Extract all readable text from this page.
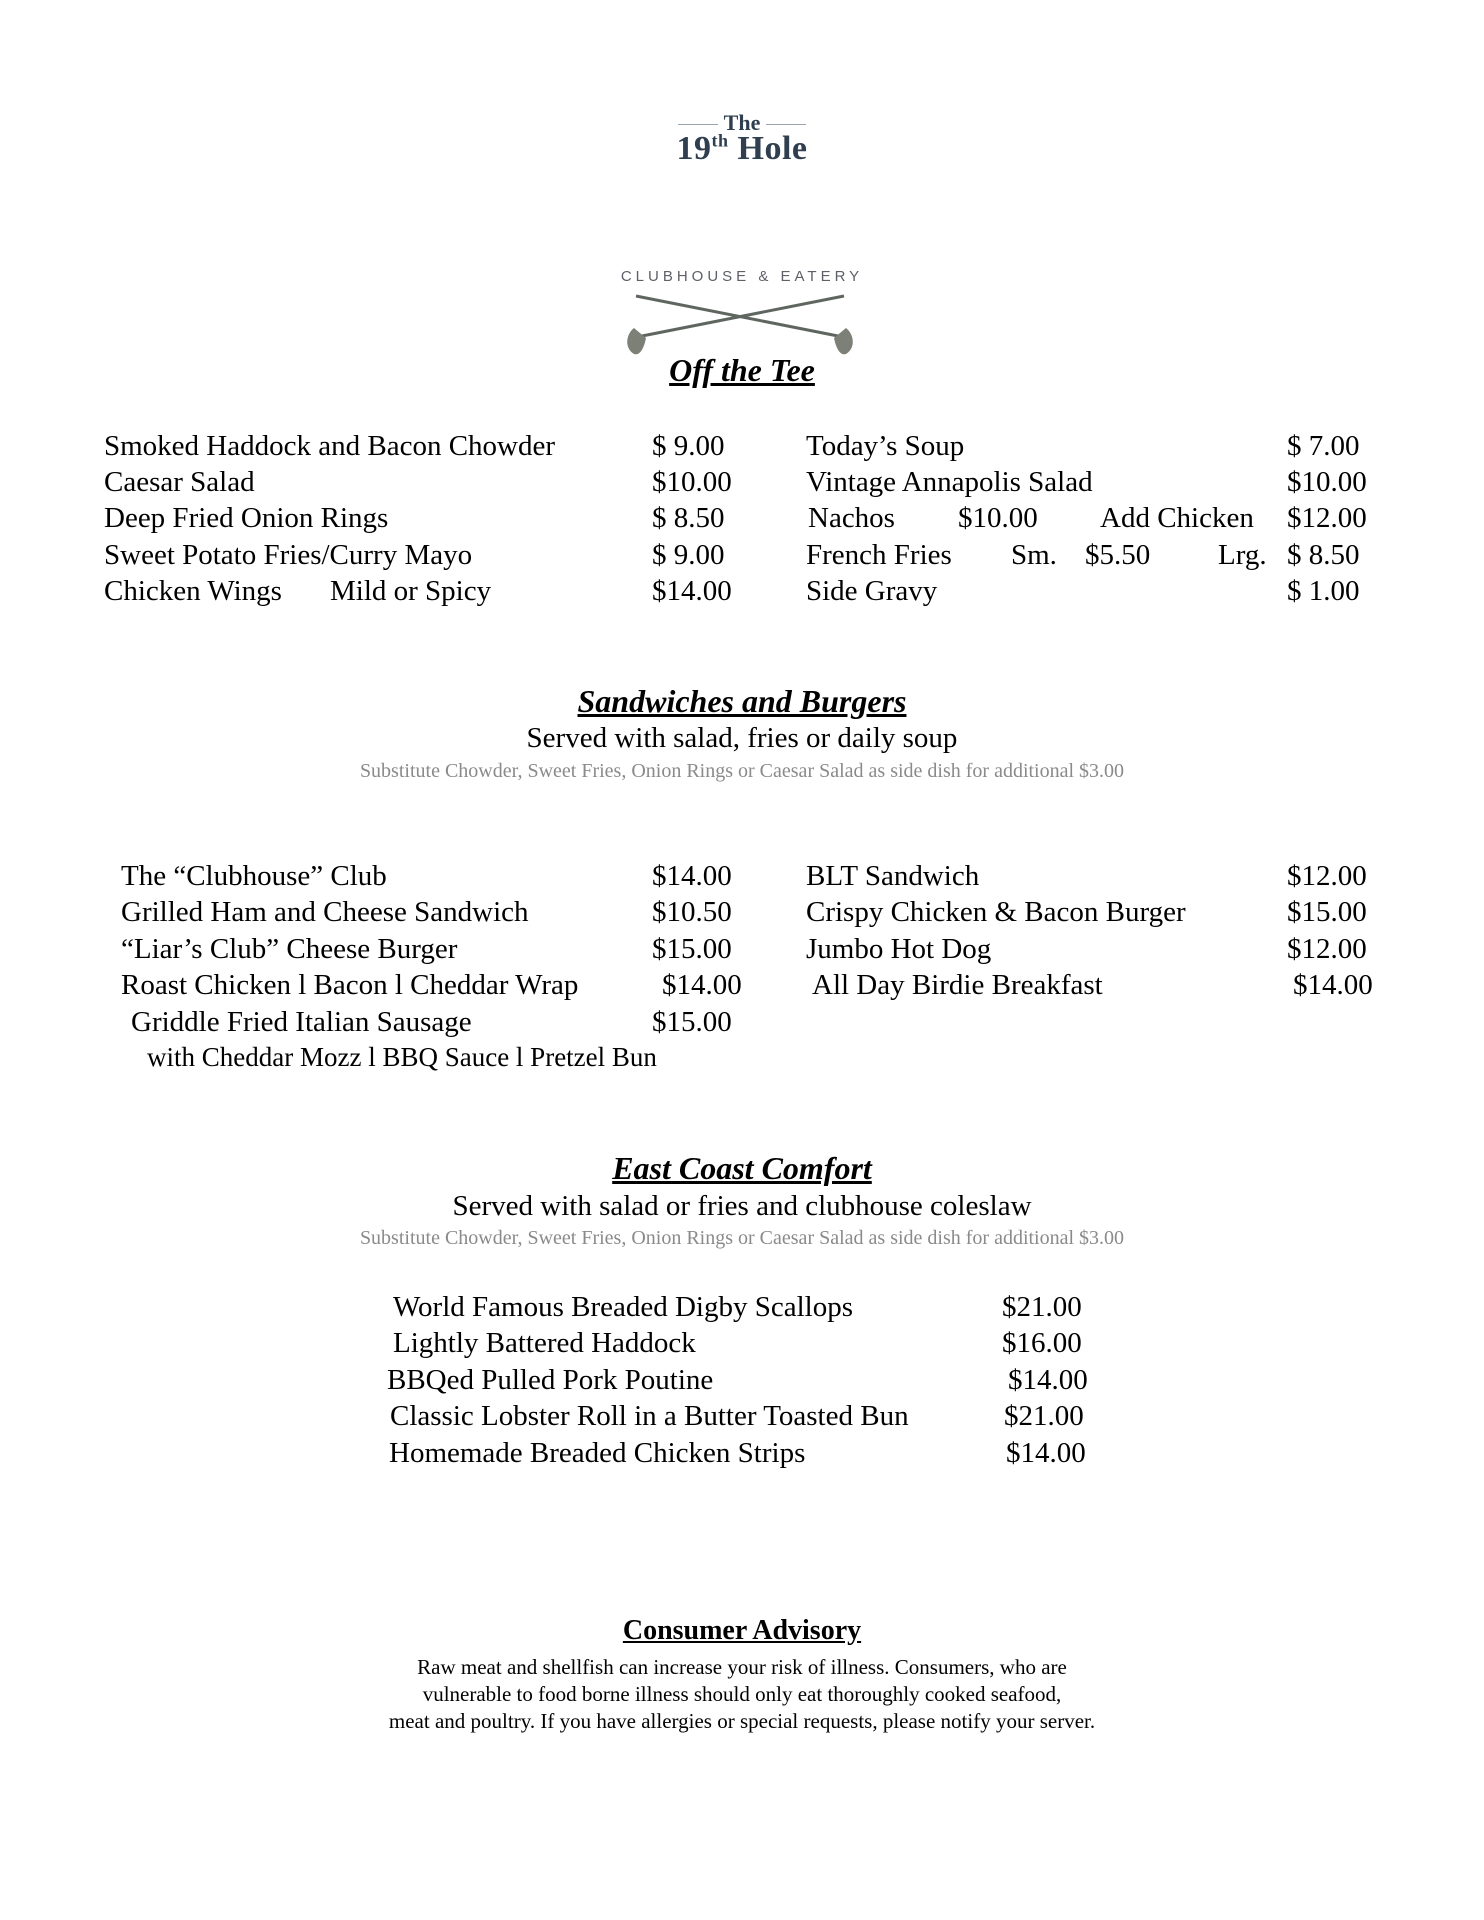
The
19th Hole
CLUBHOUSE & EATERY
Off the Tee
Smoked Haddock and Bacon Chowder	$ 9.00
Caesar Salad	$10.00
Deep Fried Onion Rings	$ 8.50
Sweet Potato Fries/Curry Mayo	$ 9.00
Chicken Wings Mild or Spicy	$14.00
Today’s Soup	$ 7.00
Vintage Annapolis Salad	$10.00
Nachos $10.00 Add Chicken $12.00
French Fries Sm. $5.50 Lrg. $ 8.50
Side Gravy	$ 1.00
Sandwiches and Burgers
Served with salad, fries or daily soup
Substitute Chowder, Sweet Fries, Onion Rings or Caesar Salad as side dish for additional $3.00
The “Clubhouse” Club	$14.00
Grilled Ham and Cheese Sandwich	$10.50
“Liar’s Club” Cheese Burger	$15.00
Roast Chicken l Bacon l Cheddar Wrap	$14.00
Griddle Fried Italian Sausage	$15.00
with Cheddar Mozz l BBQ Sauce l Pretzel Bun
BLT Sandwich	$12.00
Crispy Chicken & Bacon Burger	$15.00
Jumbo Hot Dog	$12.00
All Day Birdie Breakfast	$14.00
East Coast Comfort
Served with salad or fries and clubhouse coleslaw
Substitute Chowder, Sweet Fries, Onion Rings or Caesar Salad as side dish for additional $3.00
World Famous Breaded Digby Scallops	$21.00
Lightly Battered Haddock	$16.00
BBQed Pulled Pork Poutine	$14.00
Classic Lobster Roll in a Butter Toasted Bun	$21.00
Homemade Breaded Chicken Strips	$14.00
Consumer Advisory
Raw meat and shellfish can increase your risk of illness. Consumers, who are
vulnerable to food borne illness should only eat thoroughly cooked seafood,
meat and poultry. If you have allergies or special requests, please notify your server.
